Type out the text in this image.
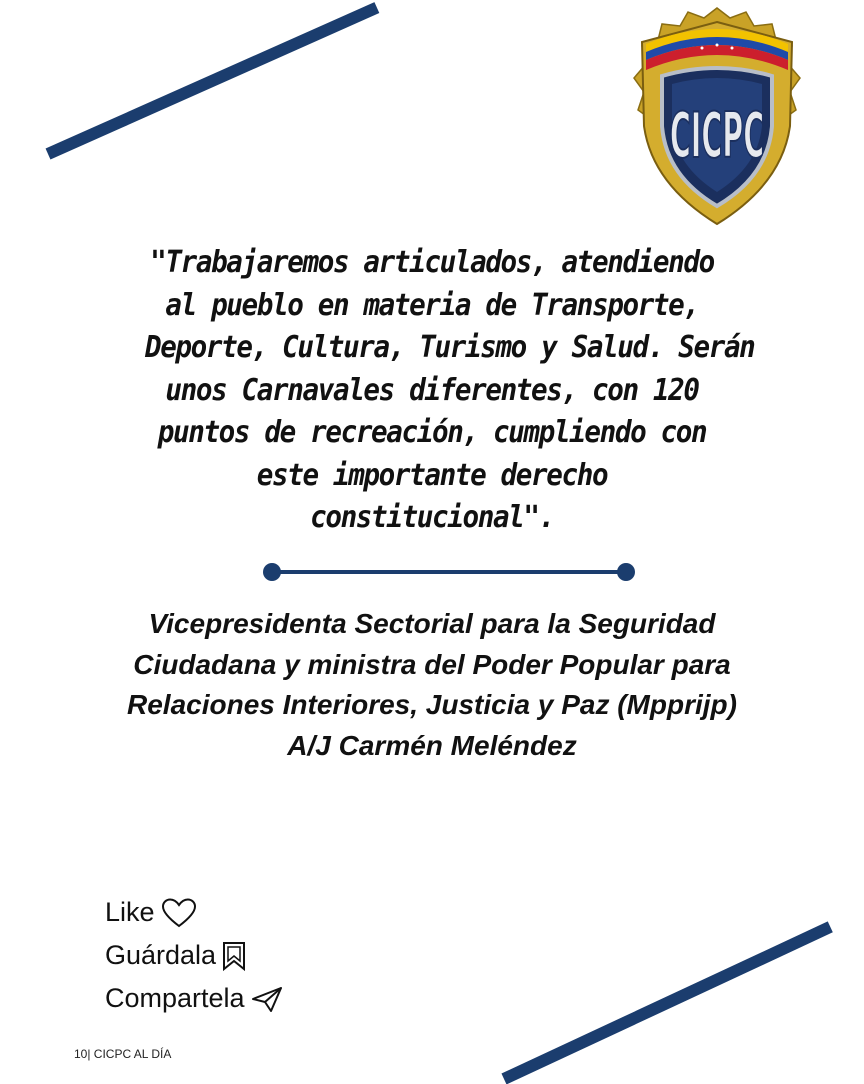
CUERPO DE INVESTIGACIONES
CICPC
"Trabajaremos articulados, atendiendo
al pueblo en materia de Transporte,
Deporte, Cultura, Turismo y Salud. Serán
unos Carnavales diferentes, con 120
puntos de recreación, cumpliendo con
este importante derecho
constitucional".
Vicepresidenta Sectorial para la Seguridad
Ciudadana y ministra del Poder Popular para
Relaciones Interiores, Justicia y Paz (Mpprijp)
A/J Carmén Meléndez
Like
Guárdala
Compartela
10| CICPC AL DÍA
